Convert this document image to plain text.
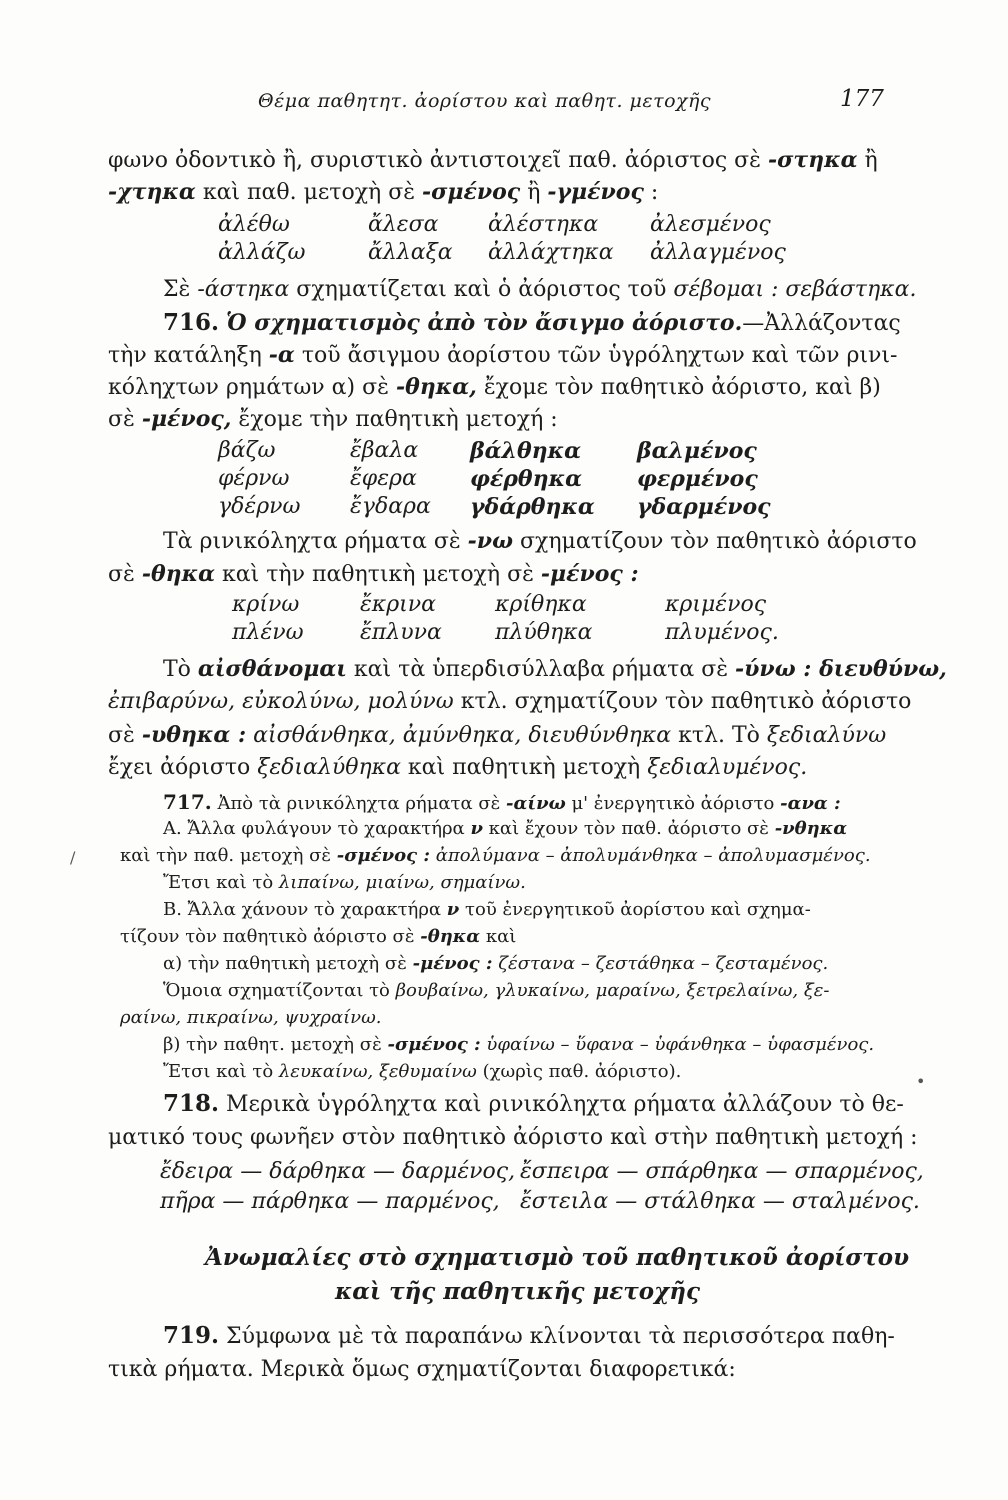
Θέμα παθητητ. ἀορίστου καὶ παθητ. μετοχῆς	177
φωνο ὀδοντικὸ ἢ, συριστικὸ ἀντιστοιχεῖ παθ. ἀόριστος σὲ -στηκα ἢ
-χτηκα καὶ παθ. μετοχὴ σὲ -σμένος ἢ -γμένος :
ἀλέθω	ἄλεσα ἀλέστηκα ἀλεσμένος
ἀλλάζω	ἄλλαξα ἀλλάχτηκα ἀλλαγμένος
Σὲ -άστηκα σχηματίζεται καὶ ὁ ἀόριστος τοῦ σέβομαι : σεβάστηκα.
716. Ὁ σχηματισμὸς ἀπὸ τὸν ἄσιγμο ἀόριστο.—Ἀλλάζοντας
τὴν κατάληξη -α τοῦ ἄσιγμου ἀορίστου τῶν ὑγρόληχτων καὶ τῶν ρινι-
κόληχτων ρημάτων α) σὲ -θηκα, ἔχομε τὸν παθητικὸ ἀόριστο, καὶ β)
σὲ -μένος, ἔχομε τὴν παθητικὴ μετοχή :
βάζω	ἔβαλα βάλθηκα	βαλμένος
φέρνω	ἔφερα φέρθηκα	φερμένος
γδέρνω ἔγδαρα γδάρθηκα γδαρμένος
Τὰ ρινικόληχτα ρήματα σὲ -νω σχηματίζουν τὸν παθητικὸ ἀόριστο
σὲ -θηκα καὶ τὴν παθητικὴ μετοχὴ σὲ -μένος :
κρίνω	ἔκρινα	κρίθηκα	κριμένος
πλένω	ἔπλυνα πλύθηκα	πλυμένος.
Τὸ αἰσθάνομαι καὶ τὰ ὑπερδισύλλαβα ρήματα σὲ -ύνω : διευθύνω,
ἐπιβαρύνω, εὐκολύνω, μολύνω κτλ. σχηματίζουν τὸν παθητικὸ ἀόριστο
σὲ -υθηκα : αἰσθάνθηκα, ἀμύνθηκα, διευθύνθηκα κτλ. Τὸ ξεδιαλύνω
ἔχει ἀόριστο ξεδιαλύθηκα καὶ παθητικὴ μετοχὴ ξεδιαλυμένος.
717. Ἀπὸ τὰ ρινικόληχτα ρήματα σὲ -αίνω μ' ἐνεργητικὸ ἀόριστο -ανα :
Α. Ἄλλα φυλάγουν τὸ χαρακτήρα ν καὶ ἔχουν τὸν παθ. ἀόριστο σὲ -νθηκα
καὶ τὴν παθ. μετοχὴ σὲ -σμένος : ἀπολύμανα – ἀπολυμάνθηκα – ἀπολυμασμένος.
Ἔτσι καὶ τὸ λιπαίνω, μιαίνω, σημαίνω.
Β. Ἄλλα χάνουν τὸ χαρακτήρα ν τοῦ ἐνεργητικοῦ ἀορίστου καὶ σχημα-
τίζουν τὸν παθητικὸ ἀόριστο σὲ -θηκα καὶ
α) τὴν παθητικὴ μετοχὴ σὲ -μένος : ζέστανα – ζεστάθηκα – ζεσταμένος.
Ὅμοια σχηματίζονται τὸ βουβαίνω, γλυκαίνω, μαραίνω, ξετρελαίνω, ξε-
ραίνω, πικραίνω, ψυχραίνω.
β) τὴν παθητ. μετοχὴ σὲ -σμένος : ὑφαίνω – ὕφανα – ὑφάνθηκα – ὑφασμένος.
Ἔτσι καὶ τὸ λευκαίνω, ξεθυμαίνω (χωρὶς παθ. ἀόριστο).
718. Μερικὰ ὑγρόληχτα καὶ ρινικόληχτα ρήματα ἀλλάζουν τὸ θε-
ματικό τους φωνῆεν στὸν παθητικὸ ἀόριστο καὶ στὴν παθητικὴ μετοχή :
ἔδειρα — δάρθηκα — δαρμένος, ἔσπειρα — σπάρθηκα — σπαρμένος,
πῆρα — πάρθηκα — παρμένος, ἔστειλα — στάλθηκα — σταλμένος.
Ἀνωμαλίες στὸ σχηματισμὸ τοῦ παθητικοῦ ἀορίστου
καὶ τῆς παθητικῆς μετοχῆς
719. Σύμφωνα μὲ τὰ παραπάνω κλίνονται τὰ περισσότερα παθη-
τικὰ ρήματα. Μερικὰ ὅμως σχηματίζονται διαφορετικά:
/
•
